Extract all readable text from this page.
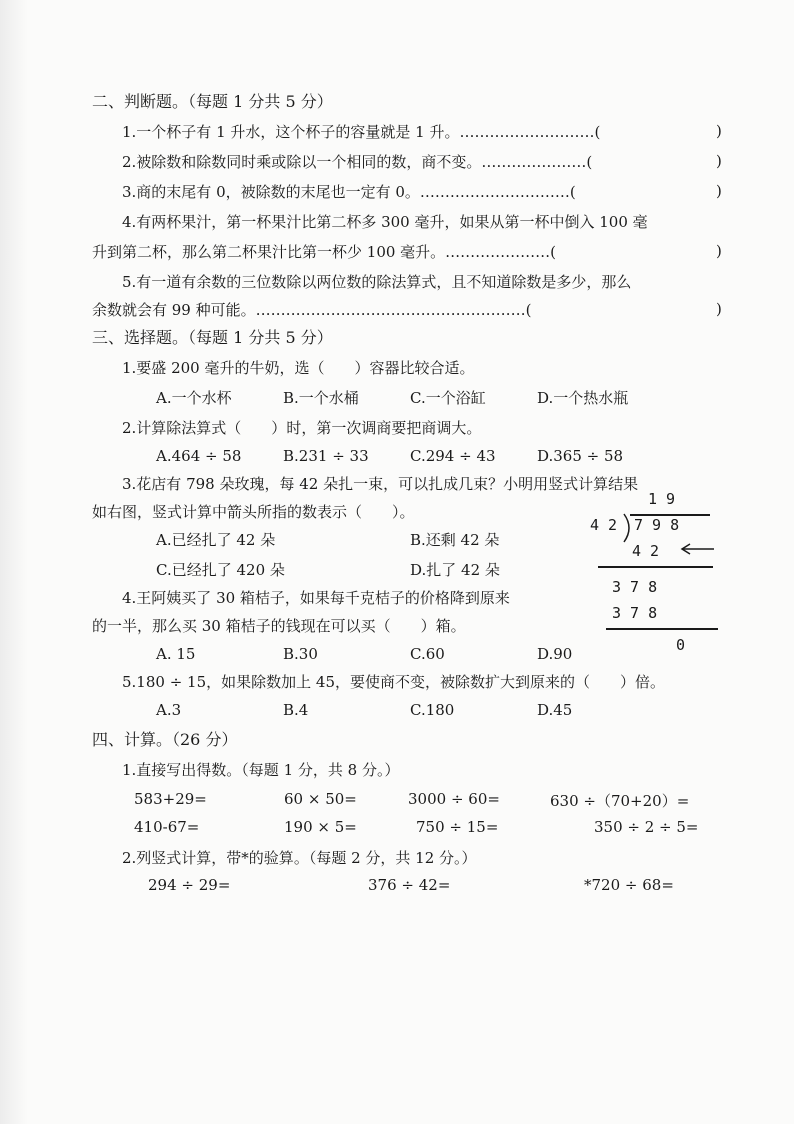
二、判断题。（每题 1 分共 5 分）
1.一个杯子有 1 升水，这个杯子的容量就是 1 升。………………………(	)
2.被除数和除数同时乘或除以一个相同的数，商不变。…………………(	)
3.商的末尾有 0，被除数的末尾也一定有 0。…………………………(	)
4.有两杯果汁，第一杯果汁比第二杯多 300 毫升，如果从第一杯中倒入 100 毫
升到第二杯，那么第二杯果汁比第一杯少 100 毫升。…………………(	)
5.有一道有余数的三位数除以两位数的除法算式，且不知道除数是多少，那么
余数就会有 99 种可能。………………………………………………(	)
三、选择题。（每题 1 分共 5 分）
1.要盛 200 毫升的牛奶，选（　　）容器比较合适。
A.一个水杯	B.一个水桶	C.一个浴缸	D.一个热水瓶
2.计算除法算式（　　）时，第一次调商要把商调大。
A.464 ÷ 58	B.231 ÷ 33	C.294 ÷ 43	D.365 ÷ 58
3.花店有 798 朵玫瑰，每 42 朵扎一束，可以扎成几束？小明用竖式计算结果
如右图，竖式计算中箭头所指的数表示（　　）。
A.已经扎了 42 朵	B.还剩 42 朵
C.已经扎了 420 朵	D.扎了 42 朵
4.王阿姨买了 30 箱桔子，如果每千克桔子的价格降到原来
的一半，那么买 30 箱桔子的钱现在可以买（　　）箱。
A. 15	B.30	C.60	D.90
5.180 ÷ 15，如果除数加上 45，要使商不变，被除数扩大到原来的（　　）倍。
A.3	B.4	C.180	D.45
1 9
4 2 7 9 8
4 2
3 7 8
3 7 8
0
四、计算。（26 分）
1.直接写出得数。（每题 1 分，共 8 分。）
583+29=	60 × 50=	3000 ÷ 60=	630 ÷（70+20）=
410-67=	190 × 5=	750 ÷ 15=	350 ÷ 2 ÷ 5=
2.列竖式计算，带*的验算。（每题 2 分，共 12 分。）
294 ÷ 29=	376 ÷ 42=	*720 ÷ 68=
